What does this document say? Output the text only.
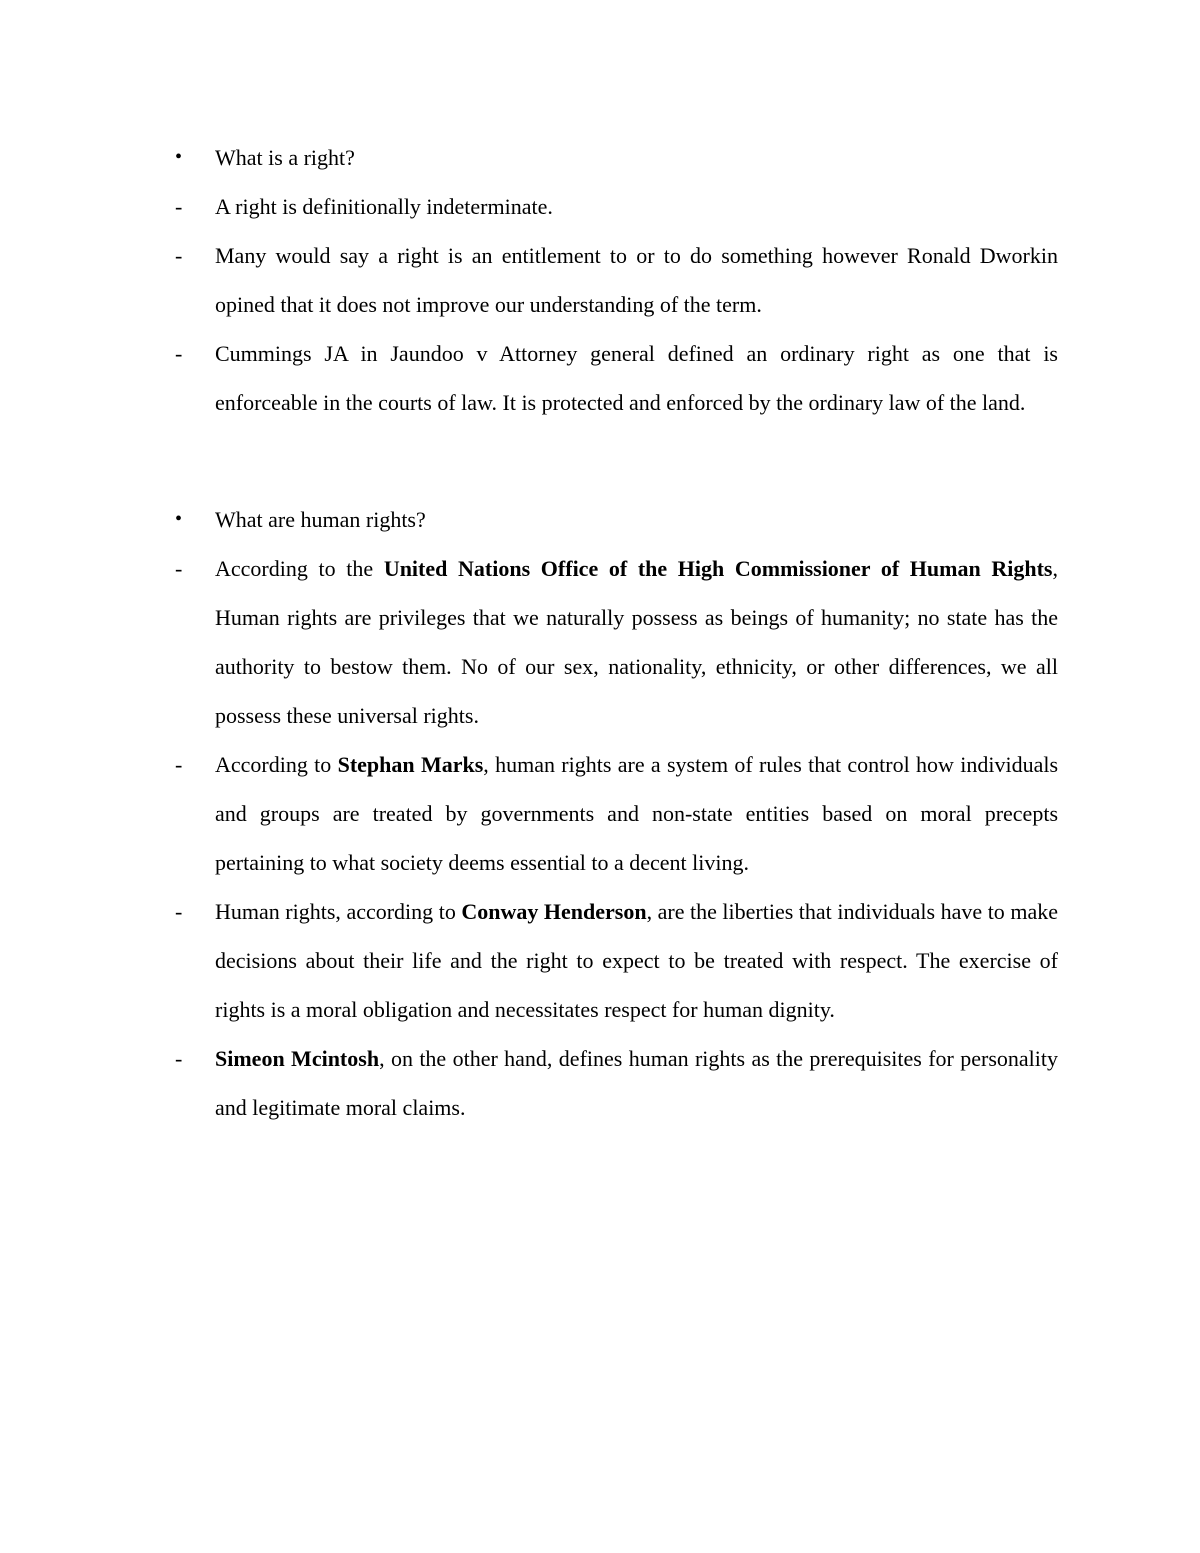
•	What is a right?
-	A right is definitionally indeterminate.
-	Many would say a right is an entitlement to or to do something however Ronald Dworkin opined that it does not improve our understanding of the term.
-	Cummings JA in Jaundoo v Attorney general defined an ordinary right as one that is enforceable in the courts of law. It is protected and enforced by the ordinary law of the land.
•	What are human rights?
-	According to the United Nations Office of the High Commissioner of Human Rights, Human rights are privileges that we naturally possess as beings of humanity; no state has the authority to bestow them. No of our sex, nationality, ethnicity, or other differences, we all possess these universal rights.
-	According to Stephan Marks, human rights are a system of rules that control how individuals and groups are treated by governments and non-state entities based on moral precepts pertaining to what society deems essential to a decent living.
-	Human rights, according to Conway Henderson, are the liberties that individuals have to make decisions about their life and the right to expect to be treated with respect. The exercise of rights is a moral obligation and necessitates respect for human dignity.
-	Simeon Mcintosh, on the other hand, defines human rights as the prerequisites for personality and legitimate moral claims.
